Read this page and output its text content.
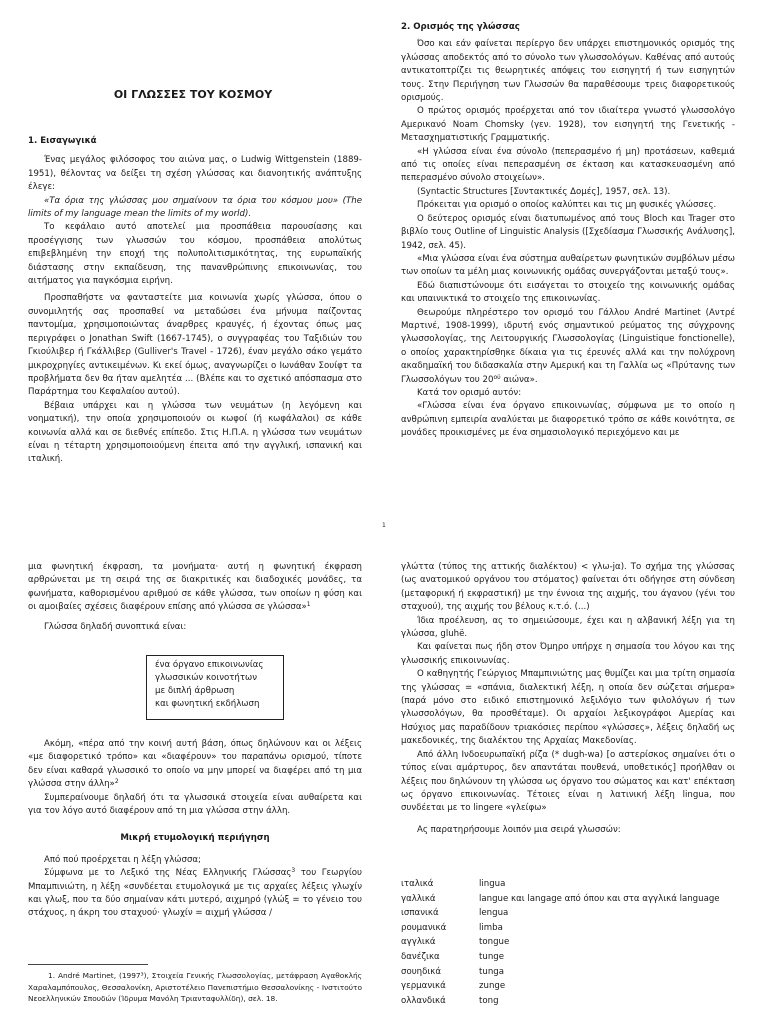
ΟΙ ΓΛΩΣΣΕΣ ΤΟΥ ΚΟΣΜΟΥ

1. Εισαγωγικά

Ένας μεγάλος φιλόσοφος του αιώνα μας, ο Ludwig Wittgenstein (1889-1951), θέλοντας να δείξει τη σχέση γλώσσας και διανοητικής ανάπτυξης έλεγε:

«Τα όρια της γλώσσας μου σημαίνουν τα όρια του κόσμου μου» (The limits of my language mean the limits of my world).

Το κεφάλαιο αυτό αποτελεί μια προσπάθεια παρουσίασης και προσέγγισης των γλωσσών του κόσμου, προσπάθεια απολύτως επιβεβλημένη την εποχή της πολυπολιτισμικότητας, της ευρωπαϊκής διάστασης στην εκπαίδευση, της πανανθρώπινης επικοινωνίας, του αιτήματος για παγκόσμια ειρήνη.

Προσπαθήστε να φανταστείτε μια κοινωνία χωρίς γλώσσα, όπου ο συνομιλητής σας προσπαθεί να μεταδώσει ένα μήνυμα παίζοντας παντομίμα, χρησιμοποιώντας άναρθρες κραυγές, ή έχοντας όπως μας περιγράφει ο Jonathan Swift (1667-1745), ο συγγραφέας του Ταξιδιών του Γκιούλιβερ ή Γκάλλιβερ (Gulliver's Travel - 1726), έναν μεγάλο σάκο γεμάτο μικροχρηγίες αντικειμένων. Κι εκεί όμως, αναγνωρίζει ο Ιωνάθαν Σουίφτ τα προβλήματα δεν θα ήταν αμελητέα ... (Βλέπε και το σχετικό απόσπασμα στο Παράρτημα του Κεφαλαίου αυτού).

Βέβαια υπάρχει και η γλώσσα των νευμάτων (η λεγόμενη και νοηματική), την οποία χρησιμοποιούν οι κωφοί (ή κωφάλαλοι) σε κάθε κοινωνία αλλά και σε διεθνές επίπεδο. Στις Η.Π.Α. η γλώσσα των νευμάτων είναι η τέταρτη χρησιμοποιούμενη έπειτα από την αγγλική, ισπανική και ιταλική.

2. Ορισμός της γλώσσας

Όσο και εάν φαίνεται περίεργο δεν υπάρχει επιστημονικός ορισμός της γλώσσας αποδεκτός από το σύνολο των γλωσσολόγων. Καθένας από αυτούς αντικατοπτρίζει τις θεωρητικές απόψεις του εισηγητή ή των εισηγητών τους. Στην Περιήγηση των Γλωσσών θα παραθέσουμε τρεις διαφορετικούς ορισμούς.

Ο πρώτος ορισμός προέρχεται από τον ιδιαίτερα γνωστό γλωσσολόγο Αμερικανό Noam Chomsky (γεν. 1928), τον εισηγητή της Γενετικής - Μετασχηματιστικής Γραμματικής.

«Η γλώσσα είναι ένα σύνολο (πεπερασμένο ή μη) προτάσεων, καθεμιά από τις οποίες είναι πεπερασμένη σε έκταση και κατασκευασμένη από πεπερασμένο σύνολο στοιχείων».

(Syntactic Structures [Συντακτικές Δομές], 1957, σελ. 13).

Πρόκειται για ορισμό ο οποίος καλύπτει και τις μη φυσικές γλώσσες.

Ο δεύτερος ορισμός είναι διατυπωμένος από τους Bloch και Trager στο βιβλίο τους Outline of Linguistic Analysis ([Σχεδίασμα Γλωσσικής Ανάλυσης], 1942, σελ. 45).

«Μια γλώσσα είναι ένα σύστημα αυθαίρετων φωνητικών συμβόλων μέσω των οποίων τα μέλη μιας κοινωνικής ομάδας συνεργάζονται μεταξύ τους».

Εδώ διαπιστώνουμε ότι εισάγεται το στοιχείο της κοινωνικής ομάδας και υπαινικτικά το στοιχείο της επικοινωνίας.

Θεωρούμε πληρέστερο τον ορισμό του Γάλλου André Martinet (Αντρέ Μαρτινέ, 1908-1999), ιδρυτή ενός σημαντικού ρεύματος της σύγχρονης γλωσσολογίας, της Λειτουργικής Γλωσσολογίας (Linguistique fonctionelle), ο οποίος χαρακτηρίσθηκε δίκαια για τις έρευνές αλλά και την πολύχρονη ακαδημαϊκή του διδασκαλία στην Αμερική και τη Γαλλία ως «Πρύτανης των Γλωσσολόγων του $20^{oύ}$ αιώνα».

Κατά τον ορισμό αυτόν:

«Γλώσσα είναι ένα όργανο επικοινωνίας, σύμφωνα με το οποίο η ανθρώπινη εμπειρία αναλύεται με διαφορετικό τρόπο σε κάθε κοινότητα, σε μονάδες προικισμένες με ένα σημασιολογικό περιεχόμενο και με

1

μια φωνητική έκφραση, τα μονήματα· αυτή η φωνητική έκφραση αρθρώνεται με τη σειρά της σε διακριτικές και διαδοχικές μονάδες, τα φωνήματα, καθορισμένου αριθμού σε κάθε γλώσσα, των οποίων η φύση και οι αμοιβαίες σχέσεις διαφέρουν επίσης από γλώσσα σε γλώσσα»$^1$

Γλώσσα δηλαδή συνοπτικά είναι:

ένα όργανο επικοινωνίας
γλωσσικών κοινοτήτων
με διπλή άρθρωση
και φωνητική εκδήλωση

Ακόμη, «πέρα από την κοινή αυτή βάση, όπως δηλώνουν και οι λέξεις «με διαφορετικό τρόπο» και «διαφέρουν» του παραπάνω ορισμού, τίποτε δεν είναι καθαρά γλωσσικό το οποίο να μην μπορεί να διαφέρει από τη μια γλώσσα στην άλλη»$^2$

Συμπεραίνουμε δηλαδή ότι τα γλωσσικά στοιχεία είναι αυθαίρετα και για τον λόγο αυτό διαφέρουν από τη μια γλώσσα στην άλλη.

Μικρή ετυμολογική περιήγηση

Από πού προέρχεται η λέξη γλώσσα;

Σύμφωνα με το Λεξικό της Νέας Ελληνικής Γλώσσας$^3$ του Γεωργίου Μπαμπινιώτη, η λέξη «συνδέεται ετυμολογικά με τις αρχαίες λέξεις γλωχίν και γλωξ, που τα δύο σημαίναν κάτι μυτερό, αιχμηρό (γλώξ = το γένειο του στάχυος, η άκρη του σταχυού· γλωχίν = αιχμή γλώσσα /

1. André Martinet, (1997³), Στοιχεία Γενικής Γλωσσολογίας, μετάφραση Αγαθοκλής Χαραλαμπόπουλος, Θεσσαλονίκη, Αριστοτέλειο Πανεπιστήμιο Θεσσαλονίκης - Ινστιτούτο Νεοελληνικών Σπουδών (Ίδρυμα Μανόλη Τριανταφυλλίδη), σελ. 18.

γλώττα (τύπος της αττικής διαλέκτου) < γλω-jα). Το σχήμα της γλώσσας (ως ανατομικού οργάνου του στόματος) φαίνεται ότι οδήγησε στη σύνδεση (μεταφορική ή εκφραστική) με την έννοια της αιχμής, του άγανου (γένι του σταχυού), της αιχμής του βέλους κ.τ.ό. (...)

Ίδια προέλευση, ας το σημειώσουμε, έχει και η αλβανική λέξη για τη γλώσσα, gluhë.

Και φαίνεται πως ήδη στον Όμηρο υπήρχε η σημασία του λόγου και της γλωσσικής επικοινωνίας.

Ο καθηγητής Γεώργιος Μπαμπινιώτης μας θυμίζει και μια τρίτη σημασία της γλώσσας = «σπάνια, διαλεκτική λέξη, η οποία δεν σώζεται σήμερα» (παρά μόνο στο ειδικό επιστημονικό λεξιλόγιο των φιλολόγων ή των γλωσσολόγων, θα προσθέταμε). Οι αρχαίοι λεξικογράφοι Αμερίας και Ησύχιος μας παραδίδουν τριακόσιες περίπου «γλώσσες», λέξεις δηλαδή ως μακεδονικές, της διαλέκτου της Αρχαίας Μακεδονίας.

Από άλλη Ινδοευρωπαϊκή ρίζα (* dugh-wa) [ο αστερίσκος σημαίνει ότι ο τύπος είναι αμάρτυρος, δεν απαντάται πουθενά, υποθετικός] προήλθαν οι λέξεις που δηλώνουν τη γλώσσα ως όργανο του σώματος και κατ' επέκταση ως όργανο επικοινωνίας. Τέτοιες είναι η λατινική λέξη lingua, που συνδέεται με το lingere «γλείφω»

Ας παρατηρήσουμε λοιπόν μια σειρά γλωσσών:

ιταλικά	lingua
γαλλικά	langue και langage από όπου και στα αγγλικά language
ισπανικά	lengua
ρουμανικά	limba
αγγλικά	tongue
δανέζικα	tunge
σουηδικά	tunga
γερμανικά	zunge
ολλανδικά	tong
